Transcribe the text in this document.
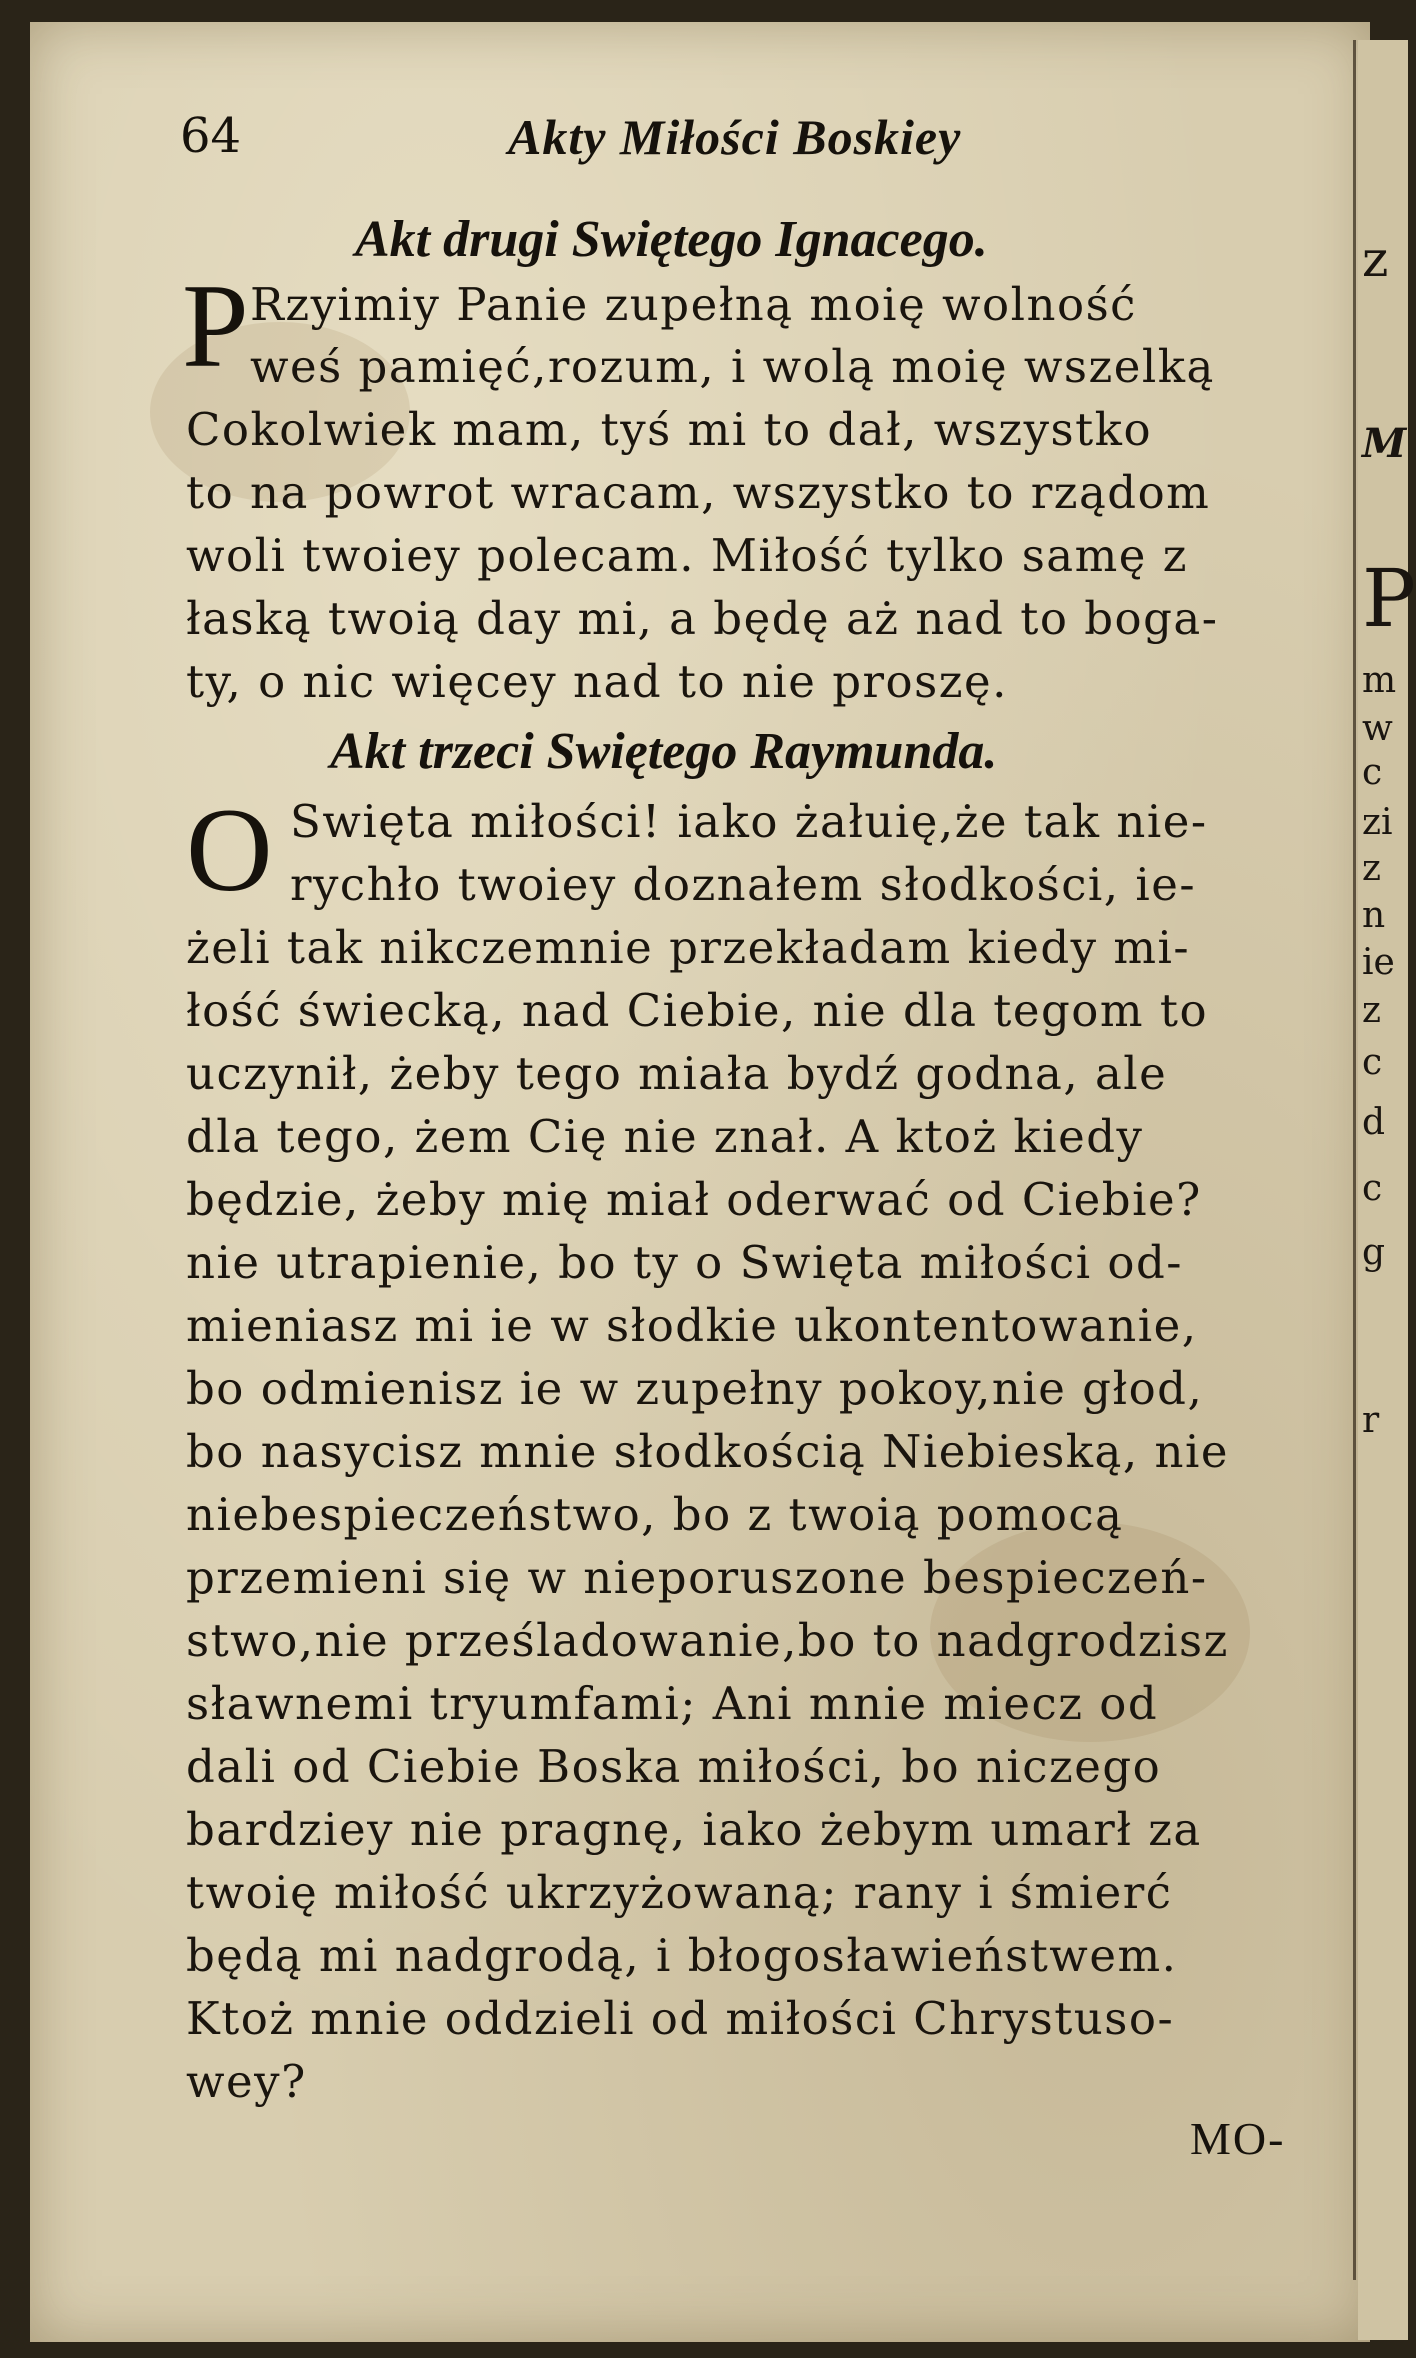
z
M
P
m
w
c
zi
z
n
ie
z
c
d
c
g
r
64	Akty Miłości Boskiey
Akt drugi Swiętego Ignacego.
P Rzyimiy Panie zupełną moię wolność
weś pamięć,rozum, i wolą moię wszelką
Cokolwiek mam, tyś mi to dał, wszystko
to na powrot wracam, wszystko to rządom
woli twoiey polecam. Miłość tylko samę z
łaską twoią day mi, a będę aż nad to boga-
ty, o nic więcey nad to nie proszę.
Akt trzeci Swiętego Raymunda.
O Swięta miłości! iako żałuię,że tak nie-
rychło twoiey doznałem słodkości, ie-
żeli tak nikczemnie przekładam kiedy mi-
łość świecką, nad Ciebie, nie dla tegom to
uczynił, żeby tego miała bydź godna, ale
dla tego, żem Cię nie znał. A ktoż kiedy
będzie, żeby mię miał oderwać od Ciebie?
nie utrapienie, bo ty o Swięta miłości od-
mieniasz mi ie w słodkie ukontentowanie,
bo odmienisz ie w zupełny pokoy,nie głod,
bo nasycisz mnie słodkością Niebieską, nie
niebespieczeństwo, bo z twoią pomocą
przemieni się w nieporuszone bespieczeń-
stwo,nie prześladowanie,bo to nadgrodzisz
sławnemi tryumfami; Ani mnie miecz od
dali od Ciebie Boska miłości, bo niczego
bardziey nie pragnę, iako żebym umarł za
twoię miłość ukrzyżowaną; rany i śmierć
będą mi nadgrodą, i błogosławieństwem.
Ktoż mnie oddzieli od miłości Chrystuso-
wey?
MO-
